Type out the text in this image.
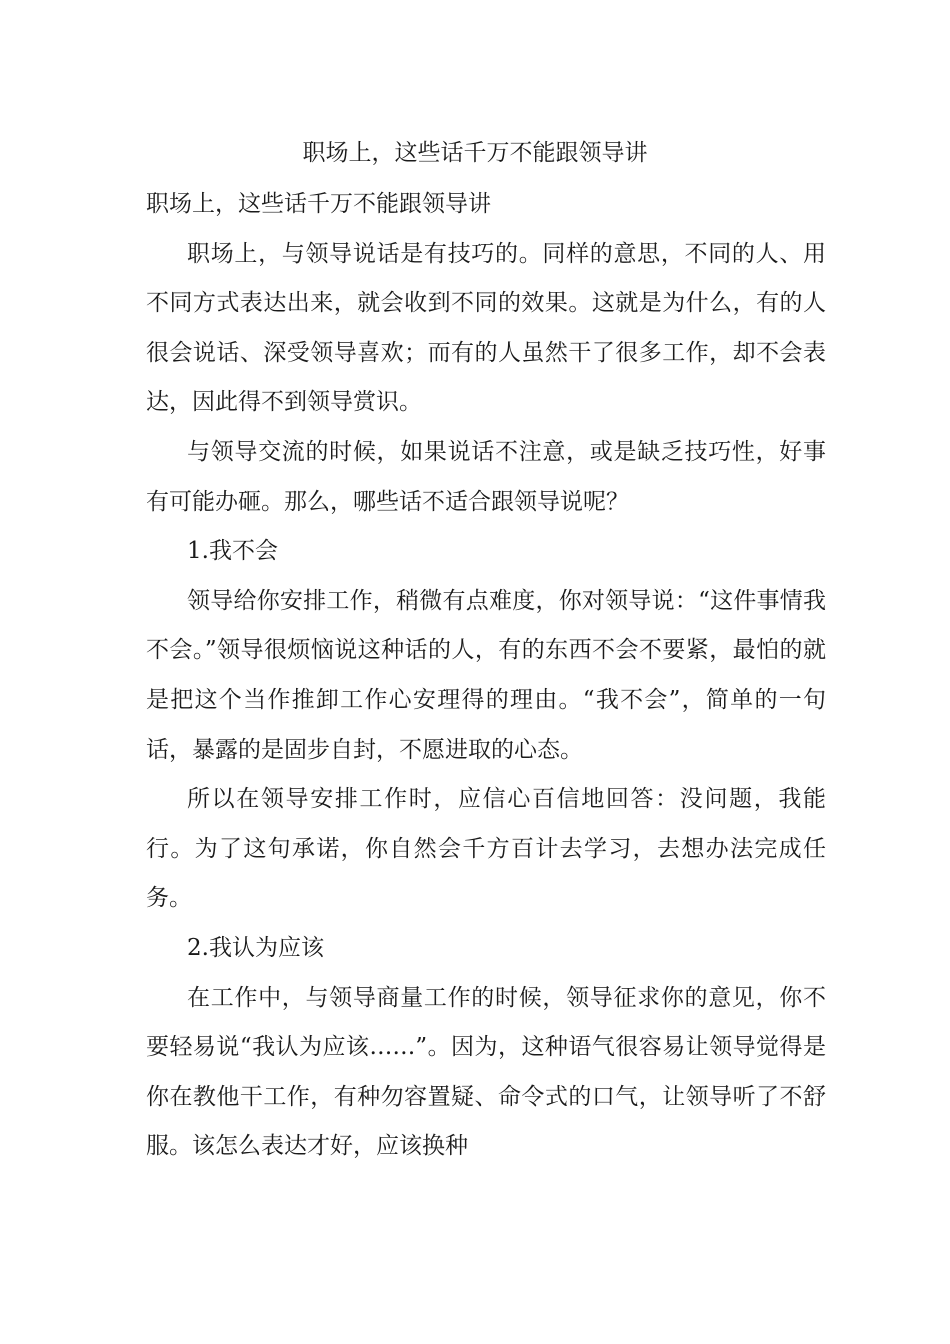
职场上，这些话千万不能跟领导讲

职场上，这些话千万不能跟领导讲

职场上，与领导说话是有技巧的。同样的意思，不同的人、用不同方式表达出来，就会收到不同的效果。这就是为什么，有的人很会说话、深受领导喜欢；而有的人虽然干了很多工作，却不会表达，因此得不到领导赏识。

与领导交流的时候，如果说话不注意，或是缺乏技巧性，好事有可能办砸。那么，哪些话不适合跟领导说呢？

1.我不会

领导给你安排工作，稍微有点难度，你对领导说：“这件事情我不会。”领导很烦恼说这种话的人，有的东西不会不要紧，最怕的就是把这个当作推卸工作心安理得的理由。“我不会”，简单的一句话，暴露的是固步自封，不愿进取的心态。

所以在领导安排工作时，应信心百信地回答：没问题，我能行。为了这句承诺，你自然会千方百计去学习，去想办法完成任务。

2.我认为应该

在工作中，与领导商量工作的时候，领导征求你的意见，你不要轻易说“我认为应该……”。因为，这种语气很容易让领导觉得是你在教他干工作，有种勿容置疑、命令式的口气，让领导听了不舒服。该怎么表达才好，应该换种
